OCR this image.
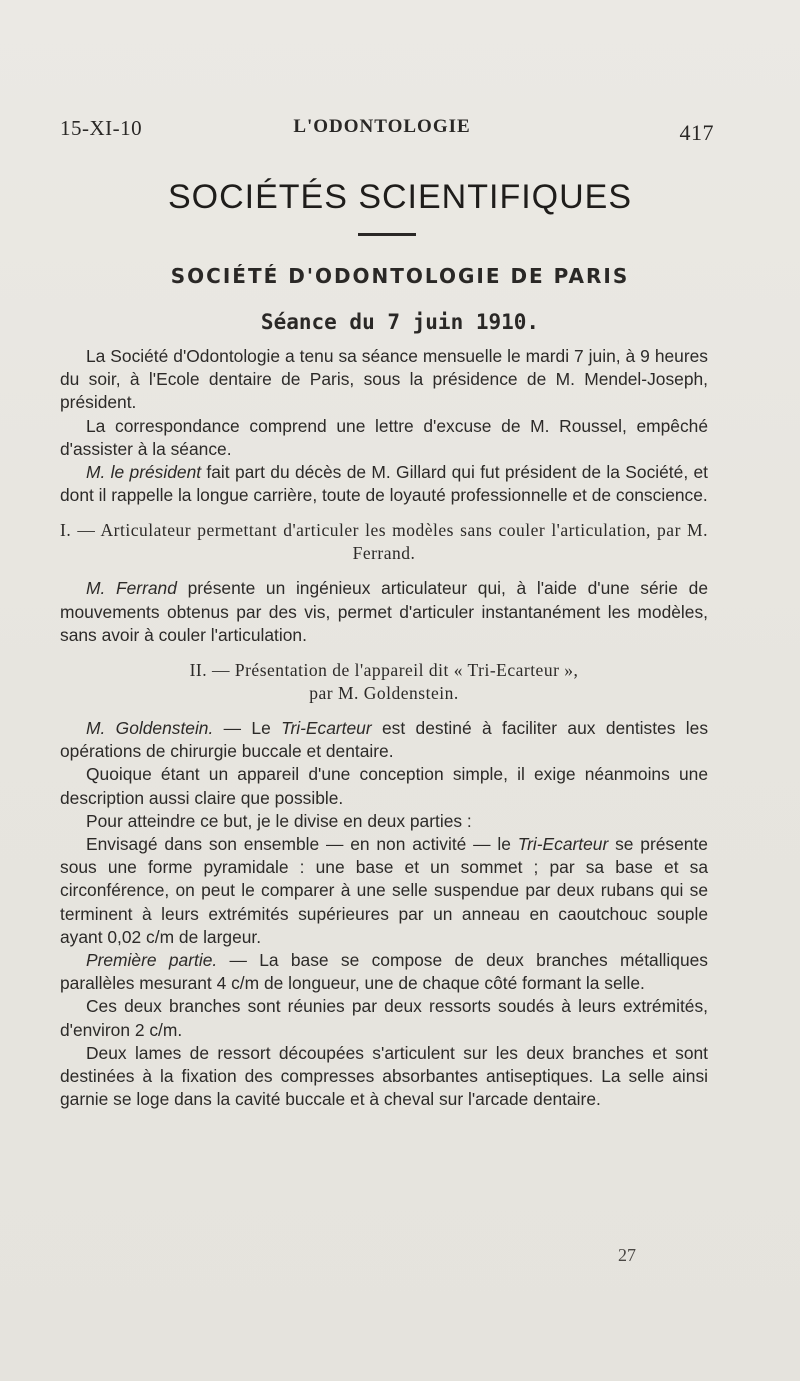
15-XI-10	L'ODONTOLOGIE	417
SOCIÉTÉS SCIENTIFIQUES
SOCIÉTÉ D'ODONTOLOGIE DE PARIS
Séance du 7 juin 1910.

La Société d'Odontologie a tenu sa séance mensuelle le mardi 7 juin, à 9 heures du soir, à l'Ecole dentaire de Paris, sous la présidence de M. Mendel-Joseph, président.

La correspondance comprend une lettre d'excuse de M. Roussel, empêché d'assister à la séance.

M. le président fait part du décès de M. Gillard qui fut président de la Société, et dont il rappelle la longue carrière, toute de loyauté professionnelle et de conscience.

I. — Articulateur permettant d'articuler les modèles sans couler l'articulation, par M. Ferrand.

M. Ferrand présente un ingénieux articulateur qui, à l'aide d'une série de mouvements obtenus par des vis, permet d'articuler instantanément les modèles, sans avoir à couler l'articulation.

II. — Présentation de l'appareil dit « Tri-Ecarteur »,
par M. Goldenstein.

M. Goldenstein. — Le Tri-Ecarteur est destiné à faciliter aux dentistes les opérations de chirurgie buccale et dentaire.

Quoique étant un appareil d'une conception simple, il exige néanmoins une description aussi claire que possible.

Pour atteindre ce but, je le divise en deux parties :

Envisagé dans son ensemble — en non activité — le Tri-Ecarteur se présente sous une forme pyramidale : une base et un sommet ; par sa base et sa circonférence, on peut le comparer à une selle suspendue par deux rubans qui se terminent à leurs extrémités supérieures par un anneau en caoutchouc souple ayant 0,02 c/m de largeur.

Première partie. — La base se compose de deux branches métalliques parallèles mesurant 4 c/m de longueur, une de chaque côté formant la selle.

Ces deux branches sont réunies par deux ressorts soudés à leurs extrémités, d'environ 2 c/m.

Deux lames de ressort découpées s'articulent sur les deux branches et sont destinées à la fixation des compresses absorbantes antiseptiques. La selle ainsi garnie se loge dans la cavité buccale et à cheval sur l'arcade dentaire.

27
